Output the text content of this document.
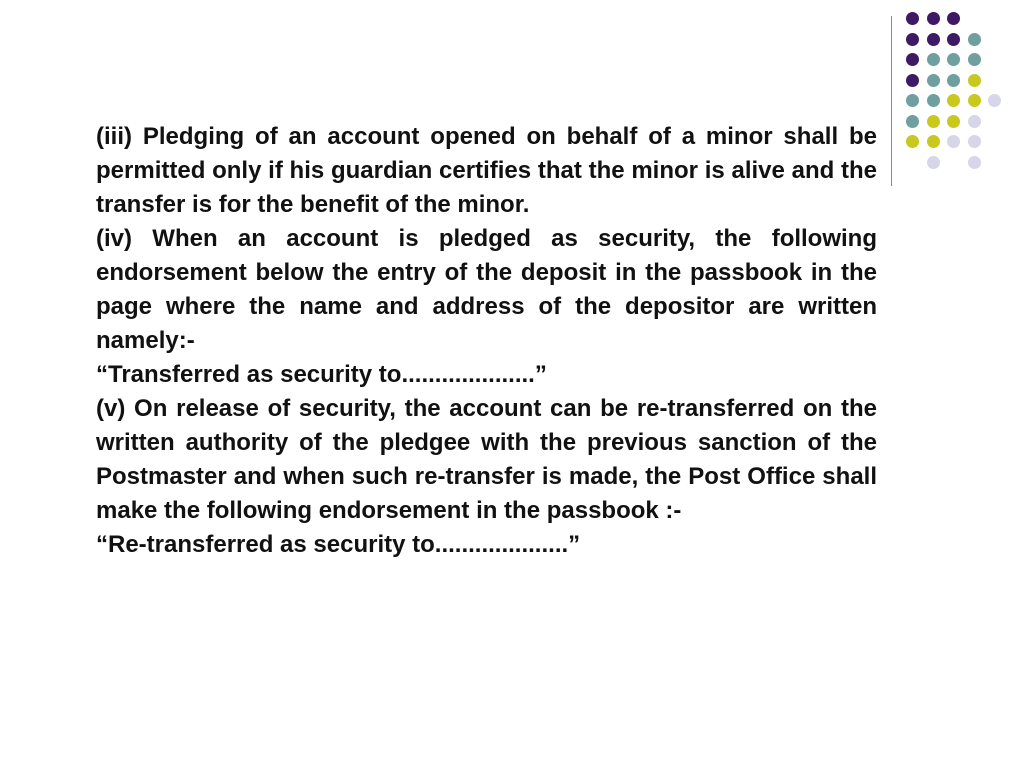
(iii) Pledging of an account opened on behalf of a minor shall be permitted only if his guardian certifies that the minor is alive and the transfer is for the benefit of the minor.

(iv) When an account is pledged as security, the following endorsement below the entry of the deposit in the passbook in the page where the name and address of the depositor are written namely:-

“Transferred as security to....................”

(v) On release of security, the account can be re-transferred on the written authority of the pledgee with the previous sanction of the Postmaster and when such re-transfer is made, the Post Office shall make the following endorsement in the passbook :-

“Re-transferred as security to....................”
